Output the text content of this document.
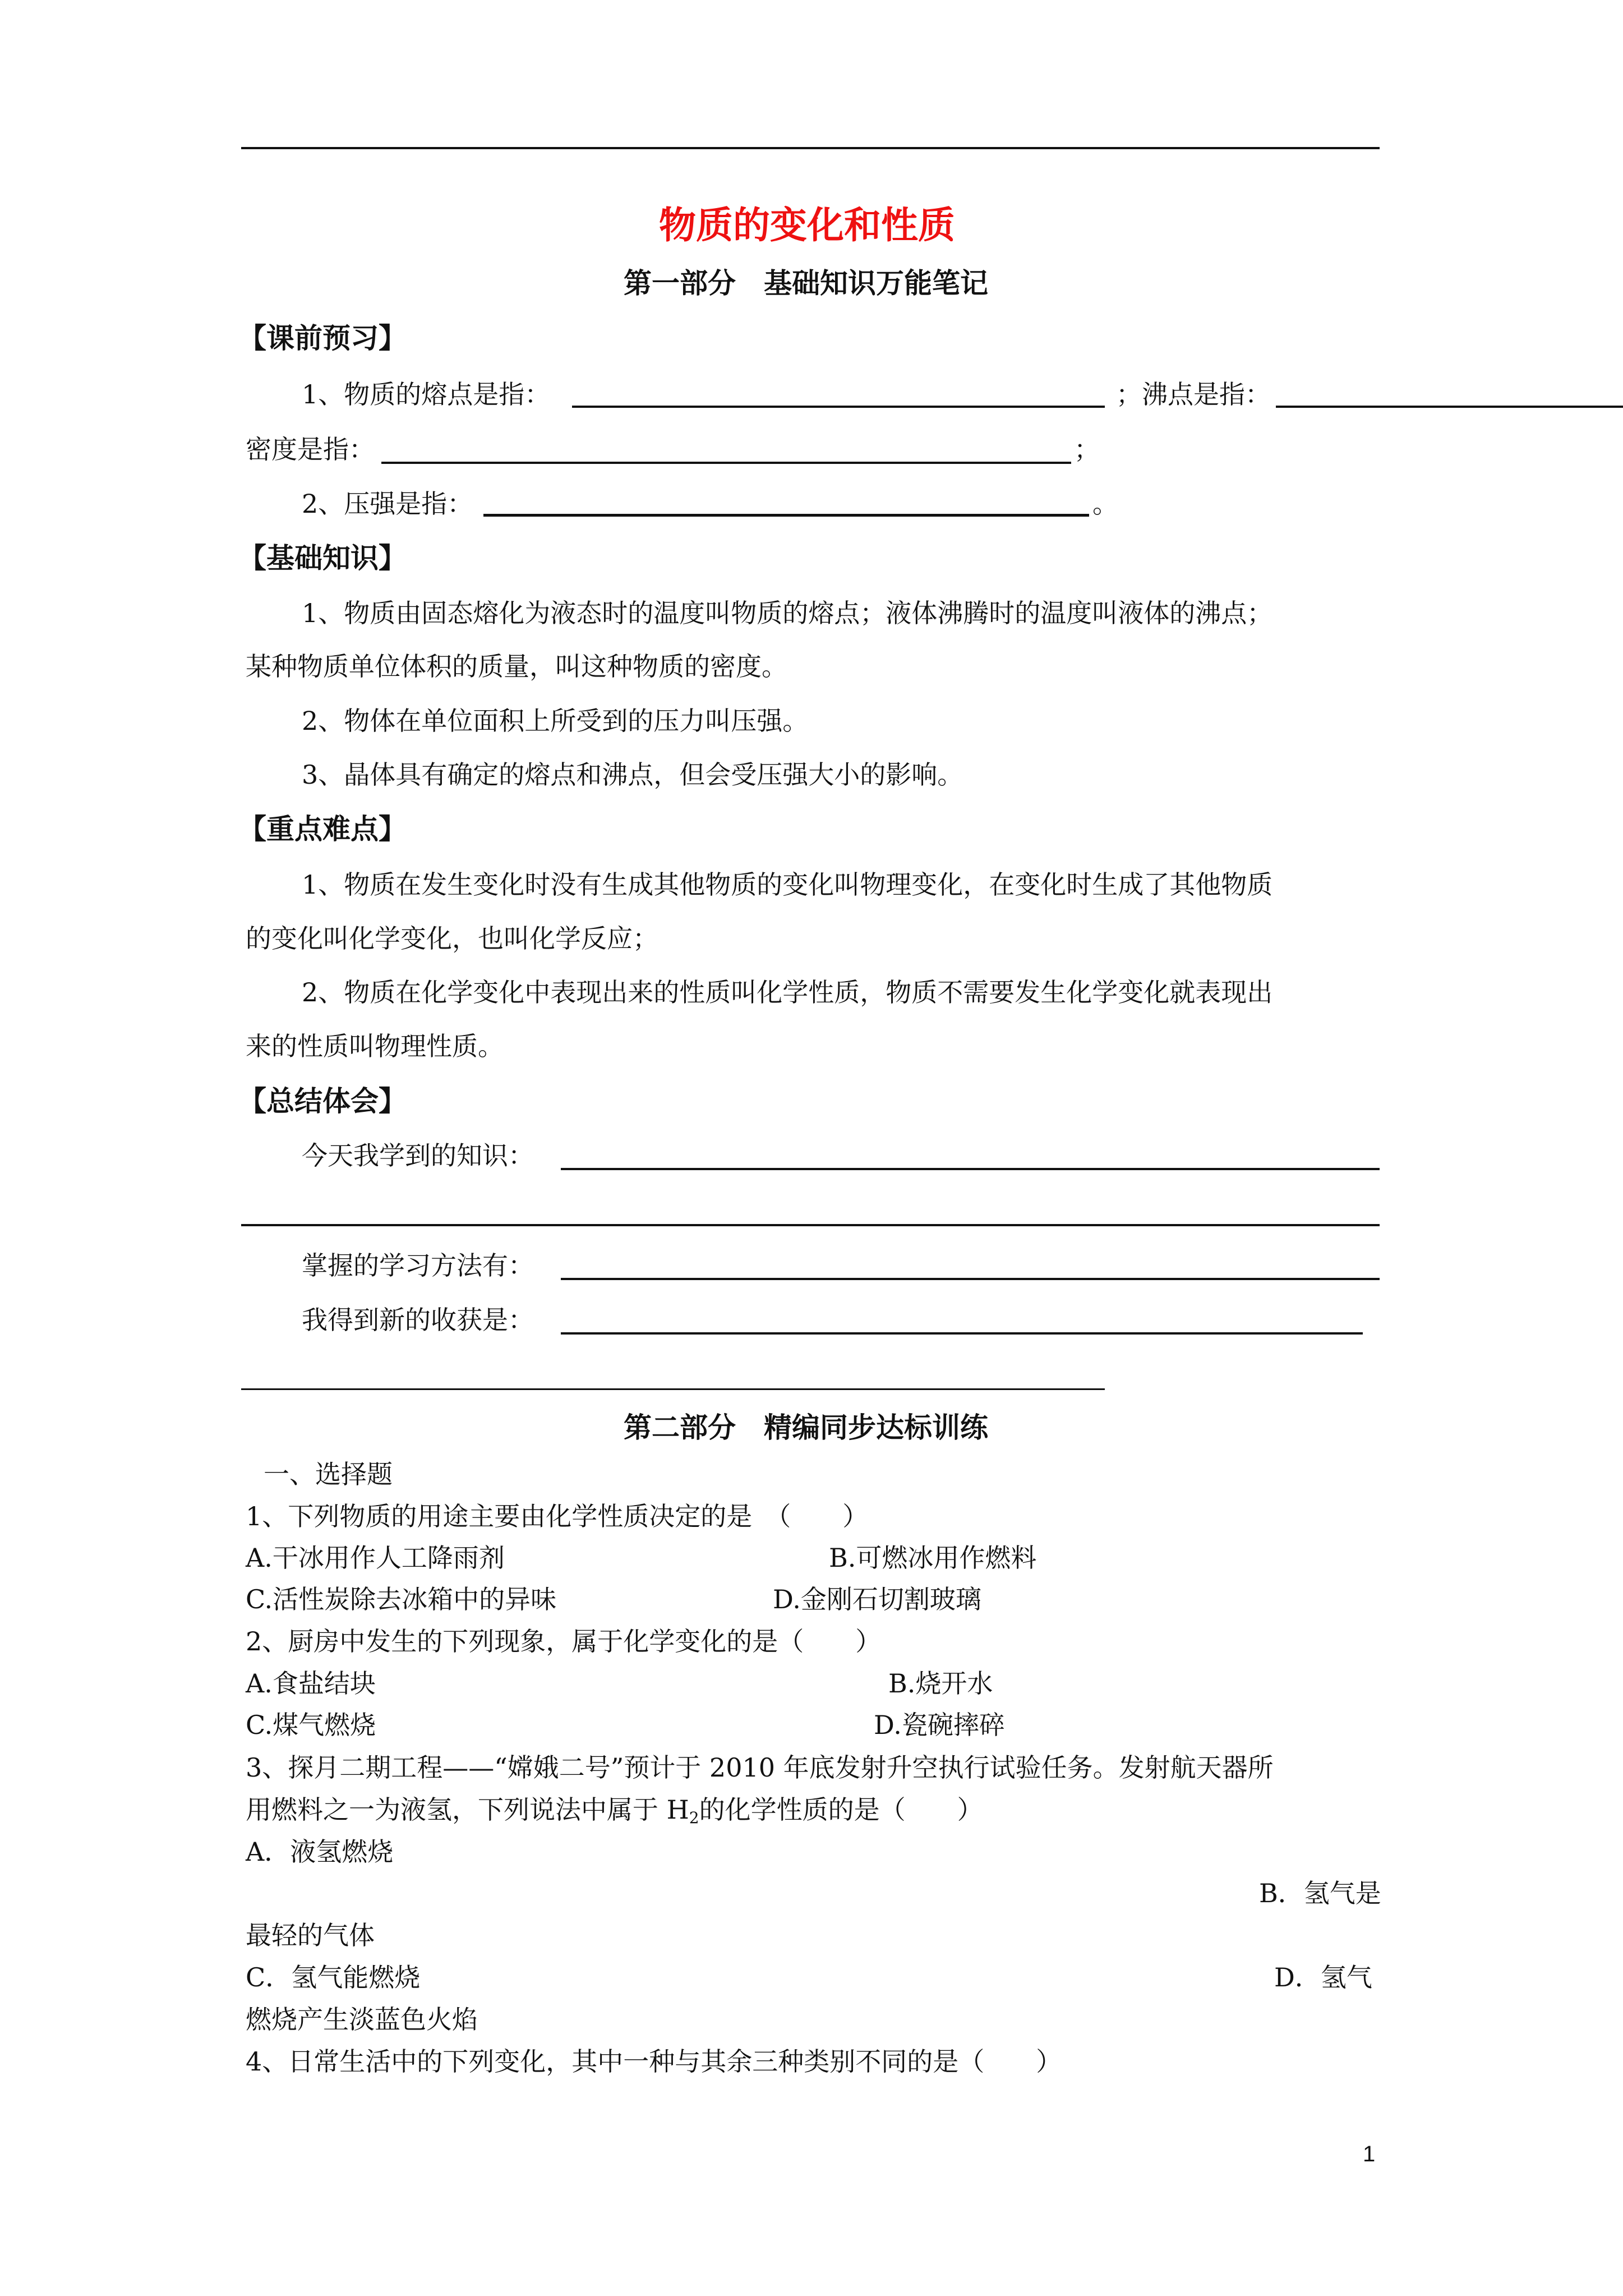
物质的变化和性质
第一部分　基础知识万能笔记
【课前预习】
1、物质的熔点是指：	；沸点是指：
密度是指：	；
2、压强是指：	。
【基础知识】
1、物质由固态熔化为液态时的温度叫物质的熔点；液体沸腾时的温度叫液体的沸点；
某种物质单位体积的质量，叫这种物质的密度。
2、物体在单位面积上所受到的压力叫压强。
3、晶体具有确定的熔点和沸点，但会受压强大小的影响。
【重点难点】
1、物质在发生变化时没有生成其他物质的变化叫物理变化，在变化时生成了其他物质
的变化叫化学变化，也叫化学反应；
2、物质在化学变化中表现出来的性质叫化学性质，物质不需要发生化学变化就表现出
来的性质叫物理性质。
【总结体会】
今天我学到的知识：
掌握的学习方法有：
我得到新的收获是：
第二部分　精编同步达标训练
一、选择题
1、下列物质的用途主要由化学性质决定的是　（　　）
A.干冰用作人工降雨剂	B.可燃冰用作燃料
C.活性炭除去冰箱中的异味	D.金刚石切割玻璃
2、厨房中发生的下列现象，属于化学变化的是（　　）
A.食盐结块	B.烧开水
C.煤气燃烧	D.瓷碗摔碎
3、探月二期工程——“嫦娥二号”预计于 2010 年底发射升空执行试验任务。发射航天器所
用燃料之一为液氢，下列说法中属于 $H_2$的化学性质的是（　　）
A．液氢燃烧
B．氢气是
最轻的气体
C．氢气能燃烧	D．氢气
燃烧产生淡蓝色火焰
4、日常生活中的下列变化，其中一种与其余三种类别不同的是（　　）
1
